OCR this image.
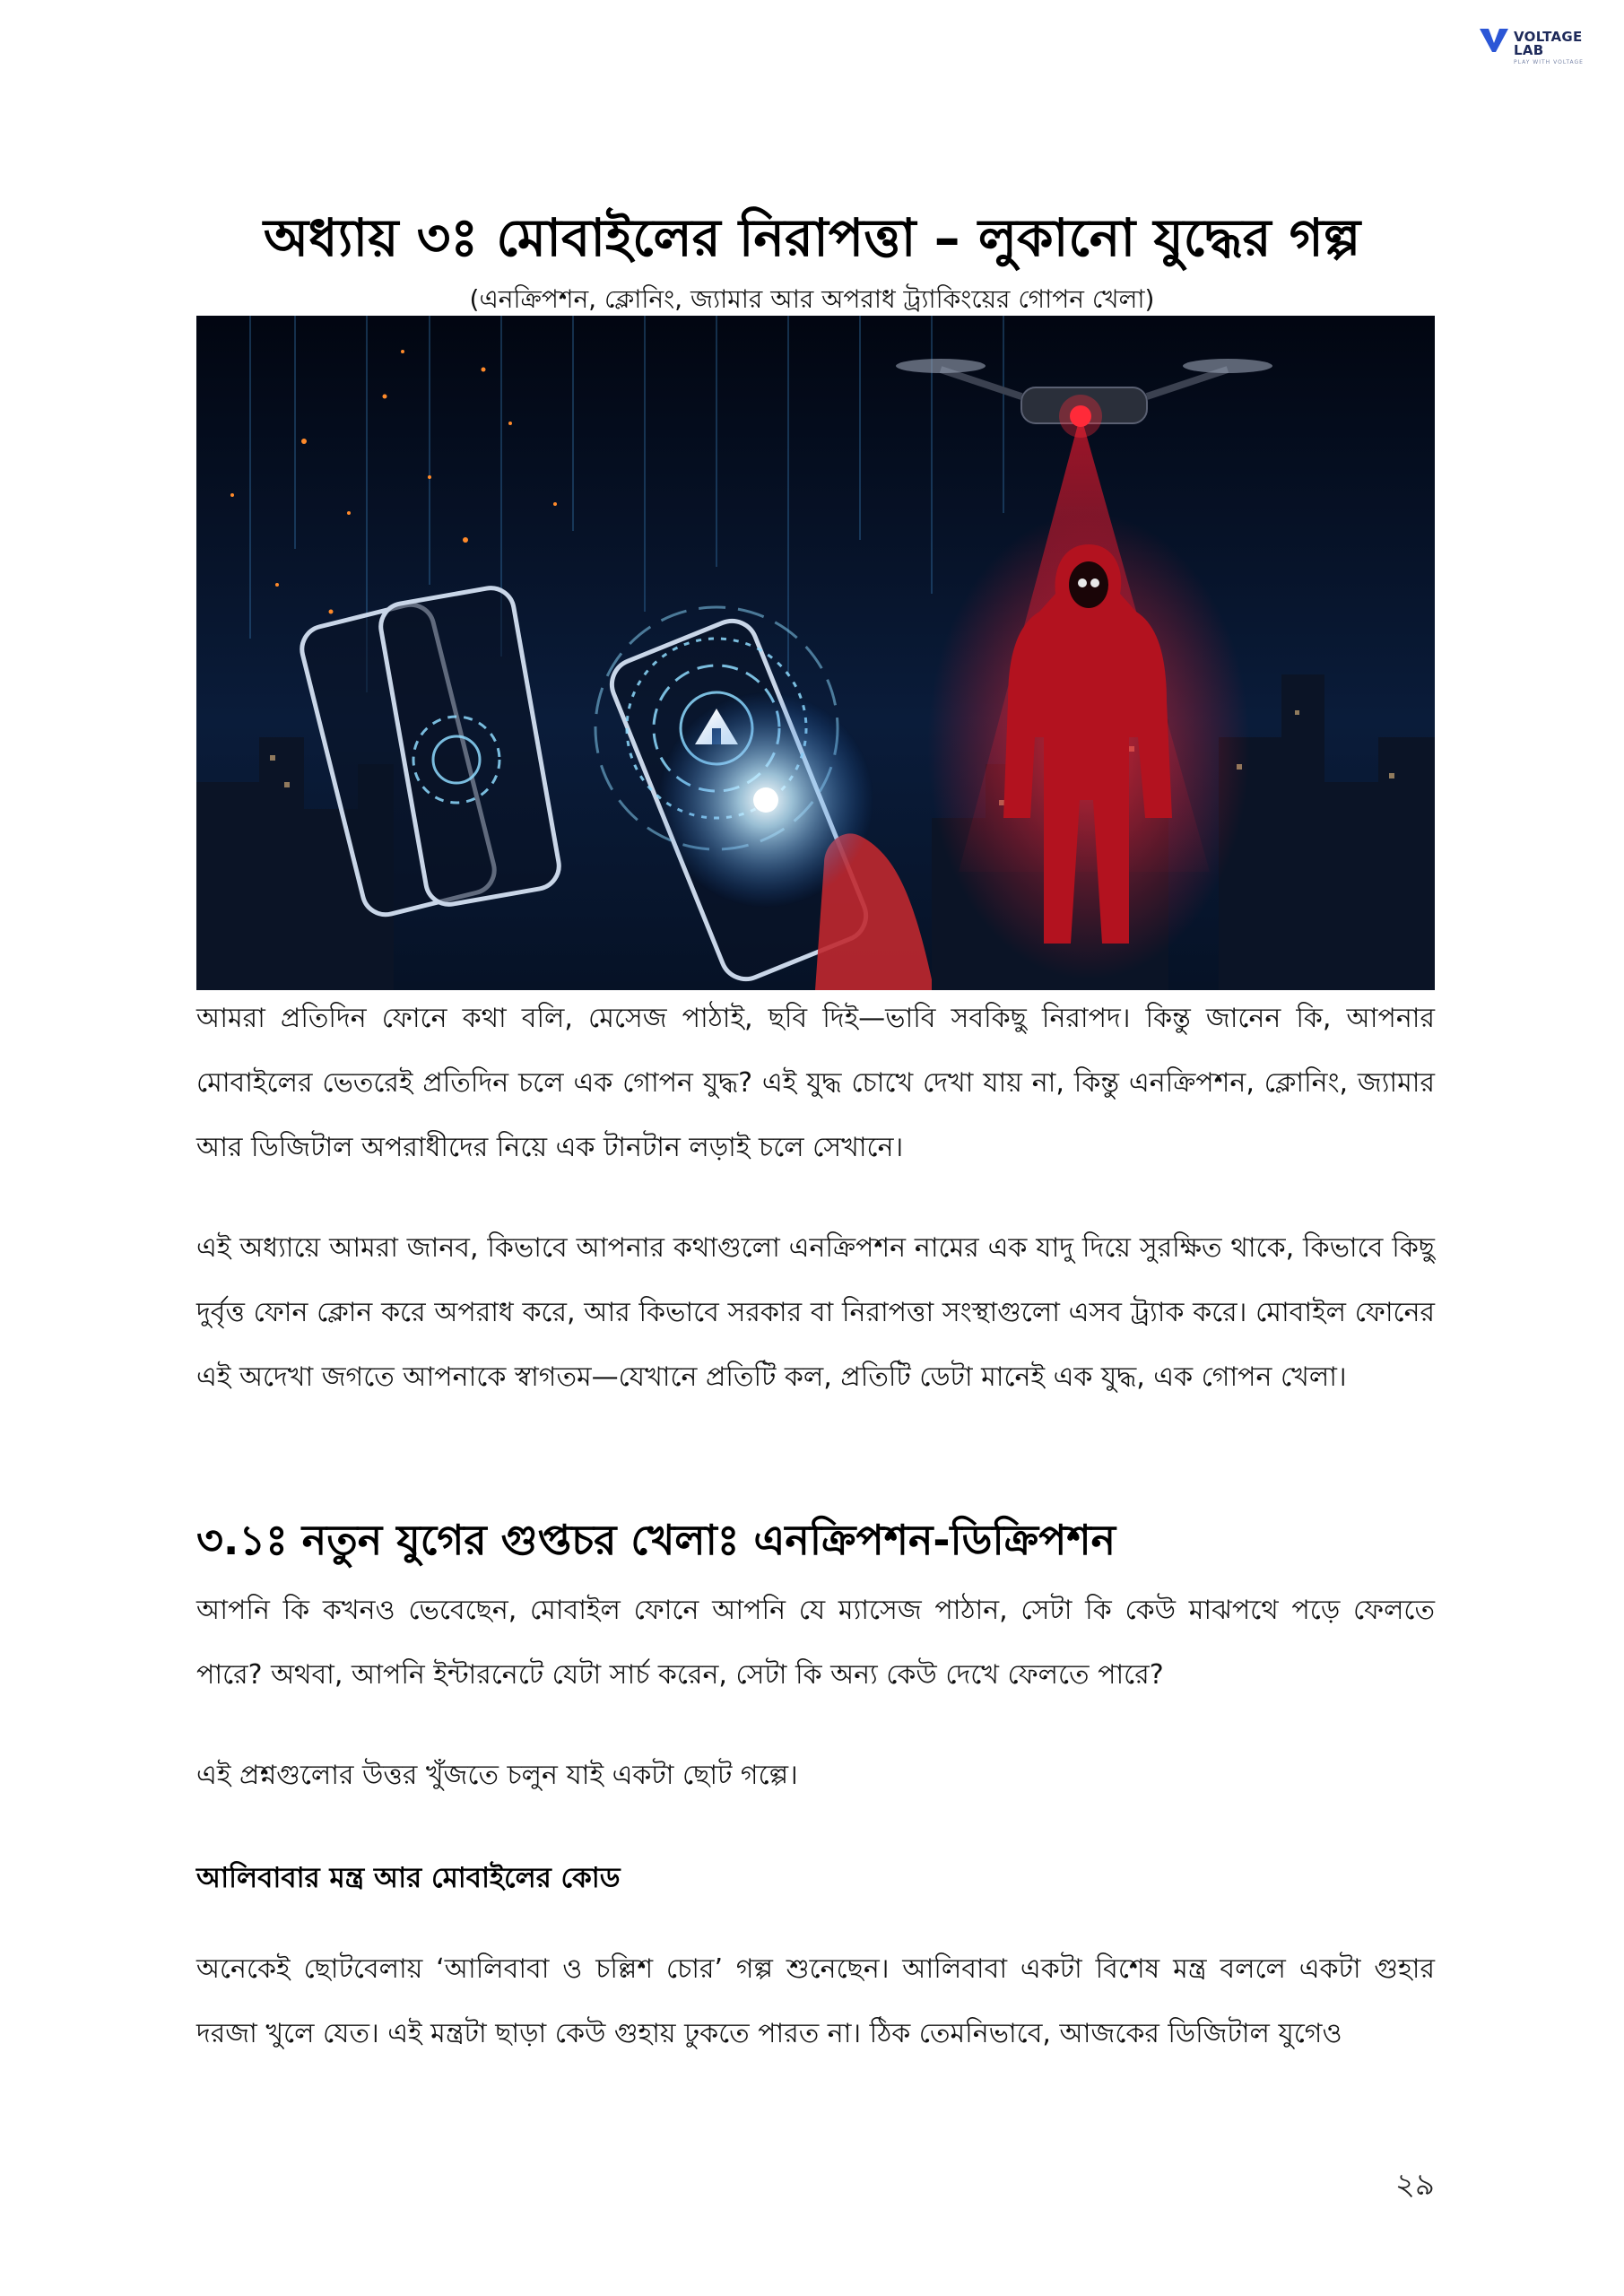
VOLTAGE LAB
PLAY WITH VOLTAGE
অধ্যায় ৩ঃ মোবাইলের নিরাপত্তা – লুকানো যুদ্ধের গল্প

(এনক্রিপশন, ক্লোনিং, জ্যামার আর অপরাধ ট্র্যাকিংয়ের গোপন খেলা)

আমরা প্রতিদিন ফোনে কথা বলি, মেসেজ পাঠাই, ছবি দিই—ভাবি সবকিছু নিরাপদ। কিন্তু জানেন কি, আপনার মোবাইলের ভেতরেই প্রতিদিন চলে এক গোপন যুদ্ধ? এই যুদ্ধ চোখে দেখা যায় না, কিন্তু এনক্রিপশন, ক্লোনিং, জ্যামার আর ডিজিটাল অপরাধীদের নিয়ে এক টানটান লড়াই চলে সেখানে।

এই অধ্যায়ে আমরা জানব, কিভাবে আপনার কথাগুলো এনক্রিপশন নামের এক যাদু দিয়ে সুরক্ষিত থাকে, কিভাবে কিছু দুর্বৃত্ত ফোন ক্লোন করে অপরাধ করে, আর কিভাবে সরকার বা নিরাপত্তা সংস্থাগুলো এসব ট্র্যাক করে। মোবাইল ফোনের এই অদেখা জগতে আপনাকে স্বাগতম—যেখানে প্রতিটি কল, প্রতিটি ডেটা মানেই এক যুদ্ধ, এক গোপন খেলা।

৩.১ঃ নতুন যুগের গুপ্তচর খেলাঃ এনক্রিপশন-ডিক্রিপশন

আপনি কি কখনও ভেবেছেন, মোবাইল ফোনে আপনি যে ম্যাসেজ পাঠান, সেটা কি কেউ মাঝপথে পড়ে ফেলতে পারে? অথবা, আপনি ইন্টারনেটে যেটা সার্চ করেন, সেটা কি অন্য কেউ দেখে ফেলতে পারে?

এই প্রশ্নগুলোর উত্তর খুঁজতে চলুন যাই একটা ছোট গল্পে।

আলিবাবার মন্ত্র আর মোবাইলের কোড

অনেকেই ছোটবেলায় ‘আলিবাবা ও চল্লিশ চোর’ গল্প শুনেছেন। আলিবাবা একটা বিশেষ মন্ত্র বললে একটা গুহার দরজা খুলে যেত। এই মন্ত্রটা ছাড়া কেউ গুহায় ঢুকতে পারত না। ঠিক তেমনিভাবে, আজকের ডিজিটাল যুগেও

২৯
